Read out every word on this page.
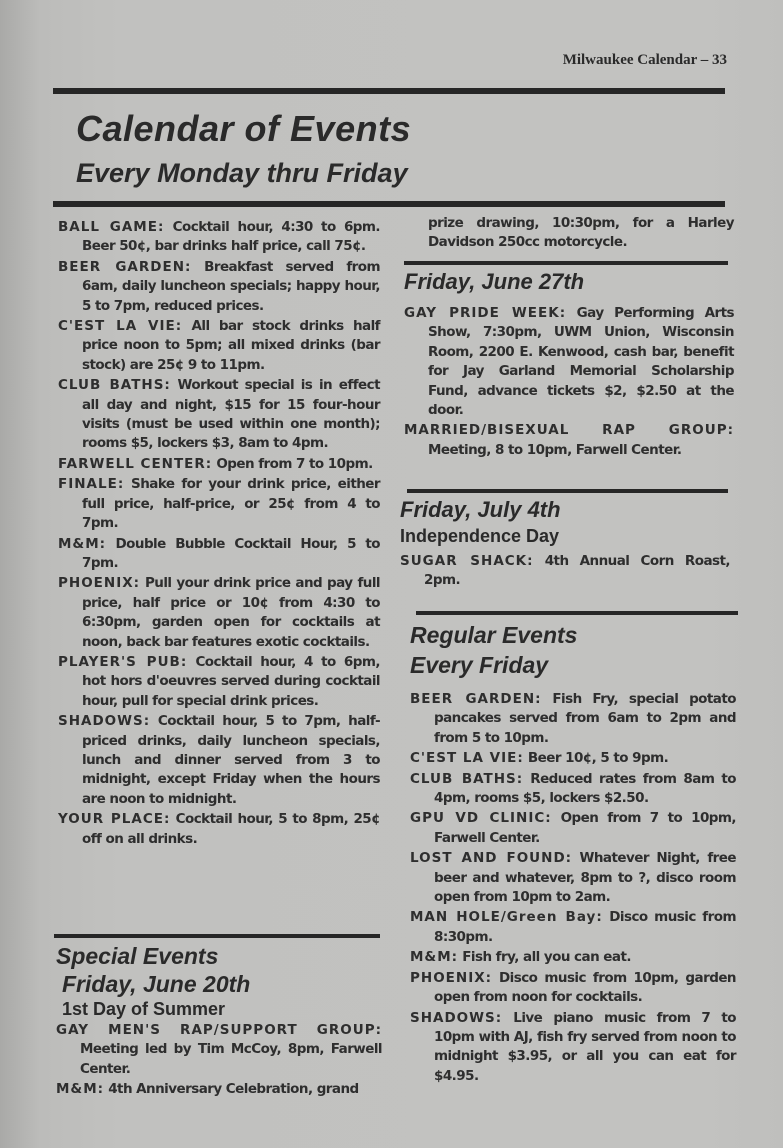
Milwaukee Calendar – 33
Calendar of Events
Every Monday thru Friday

BALL GAME: Cocktail hour, 4:30 to 6pm. Beer 50¢, bar drinks half price, call 75¢.

BEER GARDEN: Breakfast served from 6am, daily luncheon specials; happy hour, 5 to 7pm, reduced prices.

C'EST LA VIE: All bar stock drinks half price noon to 5pm; all mixed drinks (bar stock) are 25¢ 9 to 11pm.

CLUB BATHS: Workout special is in effect all day and night, $15 for 15 four-hour visits (must be used within one month); rooms $5, lockers $3, 8am to 4pm.

FARWELL CENTER: Open from 7 to 10pm.

FINALE: Shake for your drink price, either full price, half-price, or 25¢ from 4 to 7pm.

M&M: Double Bubble Cocktail Hour, 5 to 7pm.

PHOENIX: Pull your drink price and pay full price, half price or 10¢ from 4:30 to 6:30pm, garden open for cocktails at noon, back bar features exotic cocktails.

PLAYER'S PUB: Cocktail hour, 4 to 6pm, hot hors d'oeuvres served during cocktail hour, pull for special drink prices.

SHADOWS: Cocktail hour, 5 to 7pm, half-priced drinks, daily luncheon specials, lunch and dinner served from 3 to midnight, except Friday when the hours are noon to midnight.

YOUR PLACE: Cocktail hour, 5 to 8pm, 25¢ off on all drinks.

Special Events
Friday, June 20th
1st Day of Summer

GAY MEN'S RAP/SUPPORT GROUP: Meeting led by Tim McCoy, 8pm, Farwell Center.

M&M: 4th Anniversary Celebration, grand

prize drawing, 10:30pm, for a Harley Davidson 250cc motorcycle.

Friday, June 27th

GAY PRIDE WEEK: Gay Performing Arts Show, 7:30pm, UWM Union, Wisconsin Room, 2200 E. Kenwood, cash bar, benefit for Jay Garland Memorial Scholarship Fund, advance tickets $2, $2.50 at the door.

MARRIED/BISEXUAL RAP GROUP: Meeting, 8 to 10pm, Farwell Center.

Friday, July 4th
Independence Day

SUGAR SHACK: 4th Annual Corn Roast, 2pm.

Regular Events
Every Friday

BEER GARDEN: Fish Fry, special potato pancakes served from 6am to 2pm and from 5 to 10pm.

C'EST LA VIE: Beer 10¢, 5 to 9pm.

CLUB BATHS: Reduced rates from 8am to 4pm, rooms $5, lockers $2.50.

GPU VD CLINIC: Open from 7 to 10pm, Farwell Center.

LOST AND FOUND: Whatever Night, free beer and whatever, 8pm to ?, disco room open from 10pm to 2am.

MAN HOLE/Green Bay: Disco music from 8:30pm.

M&M: Fish fry, all you can eat.

PHOENIX: Disco music from 10pm, garden open from noon for cocktails.

SHADOWS: Live piano music from 7 to 10pm with AJ, fish fry served from noon to midnight $3.95, or all you can eat for $4.95.
